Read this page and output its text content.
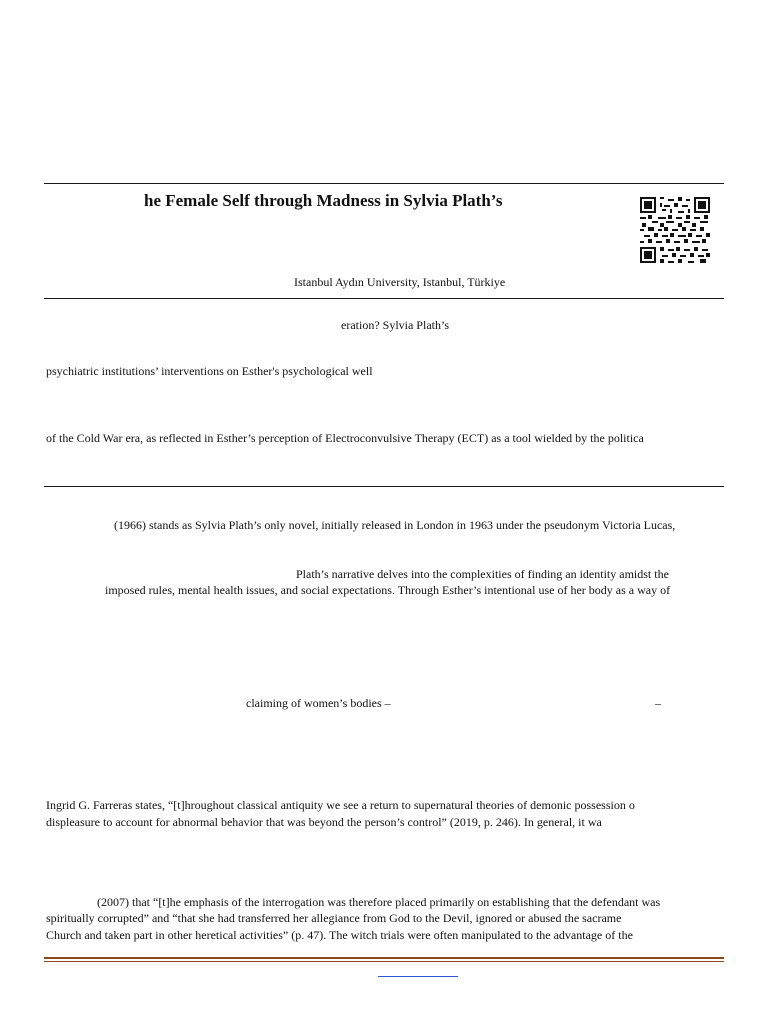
he Female Self through Madness in Sylvia Plath’s
Istanbul Aydın University, Istanbul, Türkiye
eration? Sylvia Plath’s
psychiatric institutions’ interventions on Esther's psychological well
of the Cold War era, as reflected in Esther’s perception of Electroconvulsive Therapy (ECT) as a tool wielded by the politica
(1966) stands as Sylvia Plath’s only novel, initially released in London in 1963 under the pseudonym Victoria Lucas,
Plath’s narrative delves into the complexities of finding an identity amidst the
imposed rules, mental health issues, and social expectations. Through Esther’s intentional use of her body as a way of
claiming of women’s bodies –	–
Ingrid G. Farreras states, “[t]hroughout classical antiquity we see a return to supernatural theories of demonic possession o
displeasure to account for abnormal behavior that was beyond the person’s control” (2019, p. 246). In general, it wa
(2007) that “[t]he emphasis of the interrogation was therefore placed primarily on establishing that the defendant was
spiritually corrupted” and “that she had transferred her allegiance from God to the Devil, ignored or abused the sacrame
Church and taken part in other heretical activities” (p. 47). The witch trials were often manipulated to the advantage of the
